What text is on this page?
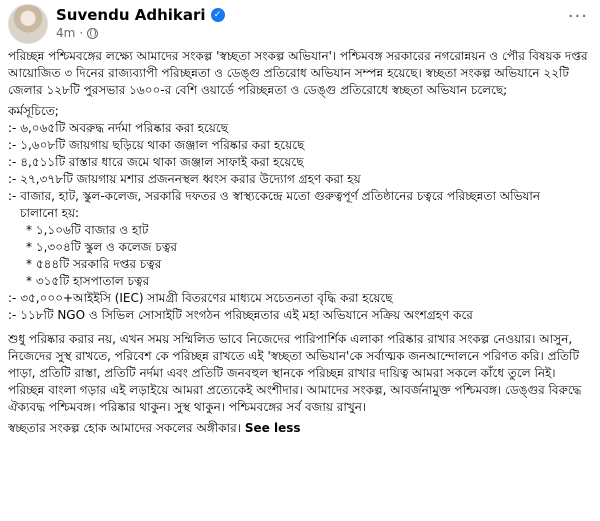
Suvendu Adhikari ✓
4m ·
···

পরিচ্ছন্ন পশ্চিমবঙ্গের লক্ষ্যে আমাদের সংকল্প 'স্বচ্ছতা সংকল্প অভিযান'। পশ্চিমবঙ্গ সরকারের নগরোন্নয়ন ও পৌর বিষয়ক দপ্তর আয়োজিত ৩ দিনের রাজ্যব্যাপী পরিচ্ছন্নতা ও ডেঙ্গু প্রতিরোধ অভিযান সম্পন্ন হয়েছে। স্বচ্ছতা সংকল্প অভিযানে ২২টি জেলার ১২৮টি পুরসভার ১৬০০-র বেশি ওয়ার্ডে পরিচ্ছন্নতা ও ডেঙ্গু প্রতিরোধে স্বচ্ছতা অভিযান চলেছে;

কর্মসূচিতে;
:- ৬,০৬৫টি অবরুদ্ধ নর্দমা পরিষ্কার করা হয়েছে
:- ১,৬০৮টি জায়গায় ছড়িয়ে থাকা জঞ্জাল পরিষ্কার করা হয়েছে
:- ৪,৫১১টি রাস্তার ধারে জমে থাকা জঞ্জাল সাফাই করা হয়েছে
:- ২৭,৩৭৮টি জায়গায় মশার প্রজননস্থল ধ্বংস করার উদ্যোগ গ্রহণ করা হয়
:- বাজার, হাট, স্কুল-কলেজ, সরকারি দফতর ও স্বাস্থ্যকেন্দ্রে মতো গুরুত্বপূর্ণ প্রতিষ্ঠানের চত্বরে পরিচ্ছন্নতা অভিযান
চালানো হয়:
* ১,১০৬টি বাজার ও হাট
* ১,৩০৪টি স্কুল ও কলেজ চত্বর
* ৫৪৪টি সরকারি দপ্তর চত্বর
* ৩১৫টি হাসপাতাল চত্বর
:- ৩৫,০০০+আইইসি (IEC) সামগ্রী বিতরণের মাধ্যমে সচেতনতা বৃদ্ধি করা হয়েছে
:- ১১৮টি NGO ও সিভিল সোসাইটি সংগঠন পরিচ্ছন্নতার এই মহা অভিযানে সক্রিয় অংশগ্রহণ করে

শুধু পরিষ্কার করার নয়, এখন সময় সম্মিলিত ভাবে নিজেদের পারিপার্শিক এলাকা পরিষ্কার রাখার সংকল্প নেওয়ার। আসুন, নিজেদের সুস্থ রাখতে, পরিবেশ কে পরিচ্ছন্ন রাখতে এই 'স্বচ্ছতা অভিযান'কে সর্বাত্মক জনআন্দোলনে পরিণত করি। প্রতিটি পাড়া, প্রতিটি রাস্তা, প্রতিটি নর্দমা এবং প্রতিটি জনবহুল স্থানকে পরিচ্ছন্ন রাখার দায়িত্ব আমরা সকলে কাঁধে তুলে নিই। পরিচ্ছন্ন বাংলা গড়ার এই লড়াইয়ে আমরা প্রত্যেকেই অংশীদার। আমাদের সংকল্প, আবর্জনামুক্ত পশ্চিমবঙ্গ। ডেঙ্গুর বিরুদ্ধে ঐক্যবদ্ধ পশ্চিমবঙ্গ। পরিষ্কার থাকুন। সুস্থ থাকুন। পশ্চিমবঙ্গের সর্ব বজায় রাখুন।

স্বচ্ছতার সংকল্প হোক আমাদের সকলের অঙ্গীকার। See less
